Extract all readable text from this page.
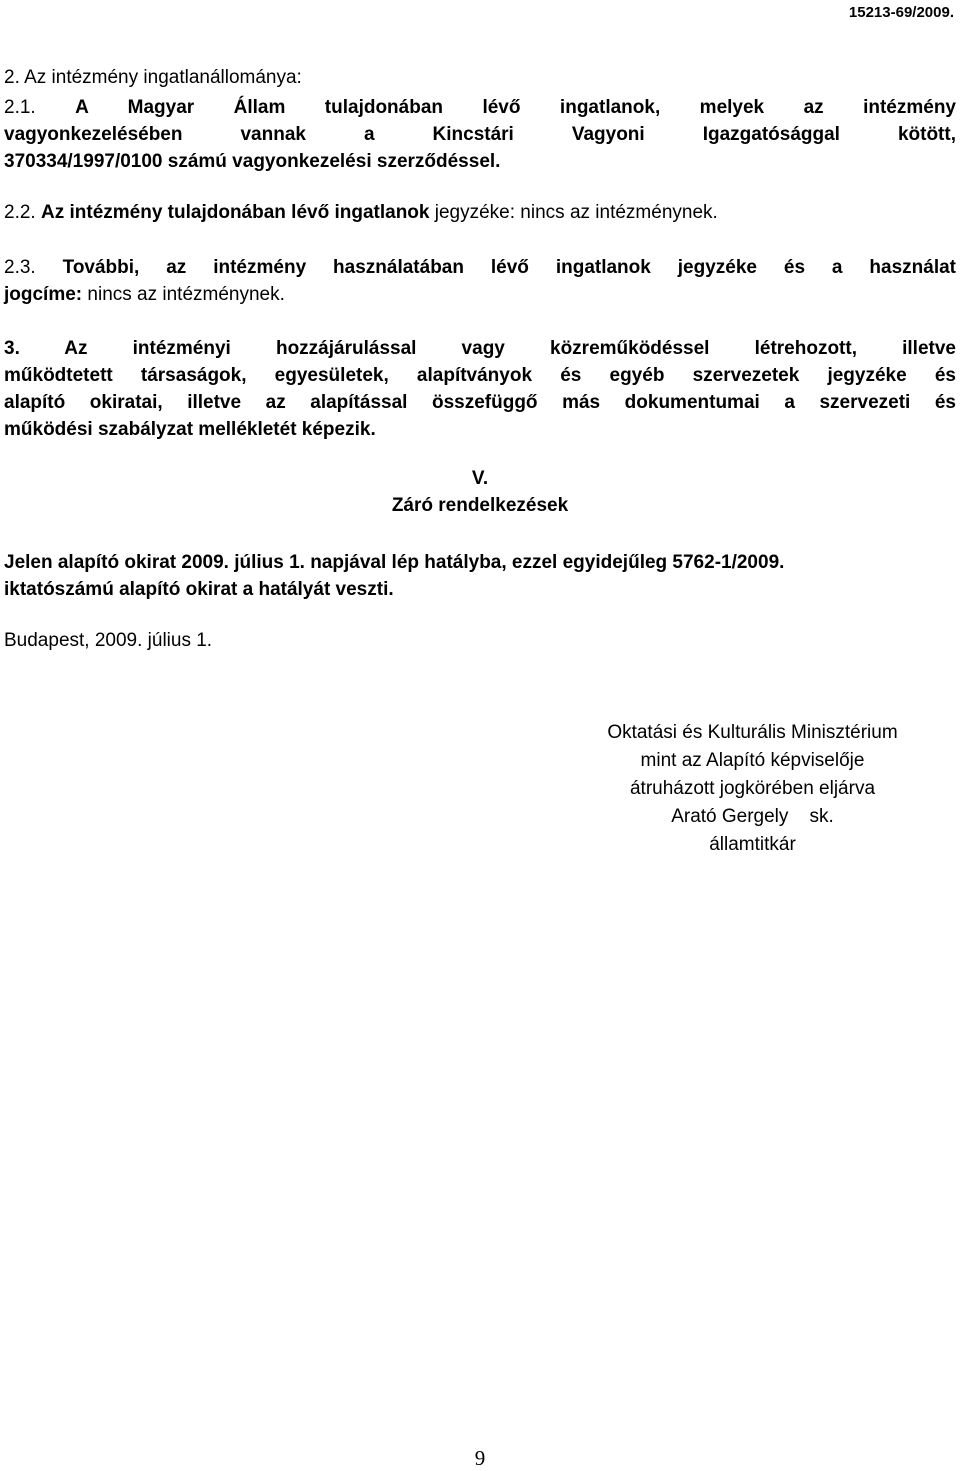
15213-69/2009.
2. Az intézmény ingatlanállománya:
2.1. A Magyar Állam tulajdonában lévő ingatlanok, melyek az intézmény
vagyonkezelésében vannak a Kincstári Vagyoni Igazgatósággal kötött,
370334/1997/0100 számú vagyonkezelési szerződéssel.
2.2. Az intézmény tulajdonában lévő ingatlanok jegyzéke: nincs az intézménynek.
2.3. További, az intézmény használatában lévő ingatlanok jegyzéke és a használat
jogcíme: nincs az intézménynek.
3. Az intézményi hozzájárulással vagy közreműködéssel létrehozott, illetve
működtetett társaságok, egyesületek, alapítványok és egyéb szervezetek jegyzéke és
alapító okiratai, illetve az alapítással összefüggő más dokumentumai a szervezeti és
működési szabályzat mellékletét képezik.
V.
Záró rendelkezések
Jelen alapító okirat 2009. július 1. napjával lép hatályba, ezzel egyidejűleg 5762-1/2009.
iktatószámú alapító okirat a hatályát veszti.
Budapest, 2009. július 1.
Oktatási és Kulturális Minisztérium
mint az Alapító képviselője
átruházott jogkörében eljárva
Arató Gergely    sk.
államtitkár
9
